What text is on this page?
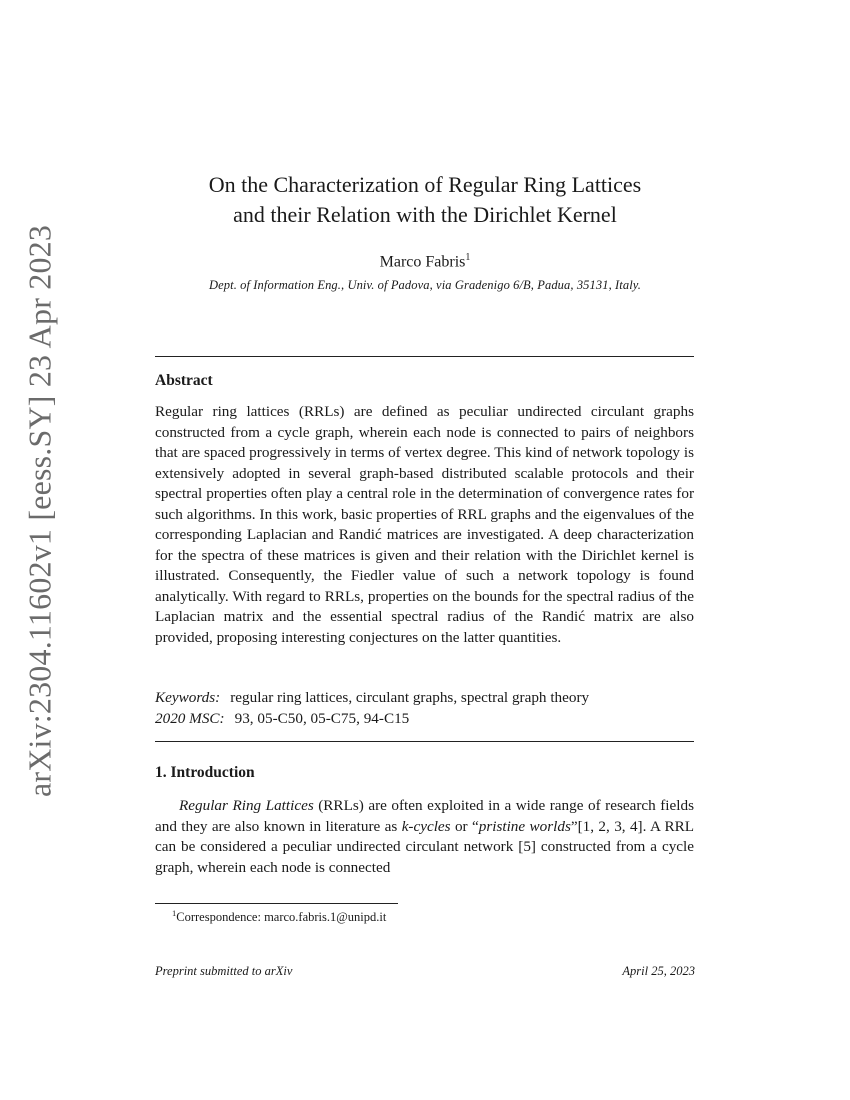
arXiv:2304.11602v1 [eess.SY] 23 Apr 2023
On the Characterization of Regular Ring Lattices
and their Relation with the Dirichlet Kernel
Marco Fabris$^1$
Dept. of Information Eng., Univ. of Padova, via Gradenigo 6/B, Padua, 35131, Italy.
Abstract

Regular ring lattices (RRLs) are defined as peculiar undirected circulant graphs constructed from a cycle graph, wherein each node is connected to pairs of neighbors that are spaced progressively in terms of vertex degree. This kind of network topology is extensively adopted in several graph-based distributed scalable protocols and their spectral properties often play a central role in the determination of convergence rates for such algorithms. In this work, basic properties of RRL graphs and the eigenvalues of the corresponding Laplacian and Randić matrices are investigated. A deep characterization for the spectra of these matrices is given and their relation with the Dirichlet kernel is illustrated. Consequently, the Fiedler value of such a network topology is found analytically. With regard to RRLs, properties on the bounds for the spectral radius of the Laplacian matrix and the essential spectral radius of the Randić matrix are also provided, proposing interesting conjectures on the latter quantities.

Keywords: regular ring lattices, circulant graphs, spectral graph theory
2020 MSC: 93, 05-C50, 05-C75, 94-C15
1. Introduction

Regular Ring Lattices (RRLs) are often exploited in a wide range of research fields and they are also known in literature as k-cycles or “pristine worlds”[1, 2, 3, 4]. A RRL can be considered a peculiar undirected circulant network [5] constructed from a cycle graph, wherein each node is connected

$^1$Correspondence: marco.fabris.1@unipd.it
Preprint submitted to arXiv	April 25, 2023
